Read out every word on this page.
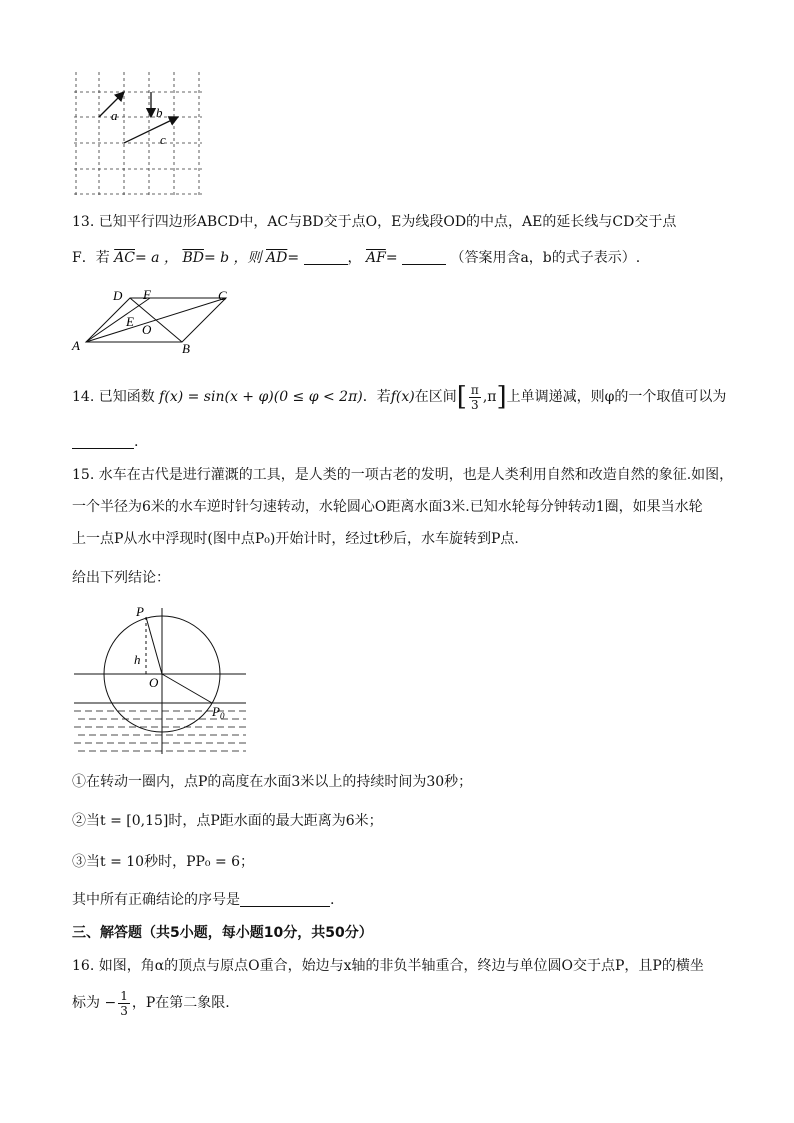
a	b
c
13. 已知平行四边形ABCD中，AC与BD交于点O，E为线段OD的中点，AE的延长线与CD交于点
F．若 $\overline{AC}= a$ ， $\overline{BD}= b$ ，则 $\overline{AD}=$	， $\overline{AF}=$	（答案用含a，b的式子表示）.
D F	C
E
O
A	B
14. 已知函数 f(x) = sin(x + φ)(0 ≤ φ < 2π)．若f(x)在区间[ $\frac{\pi}{3} ,\pi$]上单调递减，则φ的一个取值可以为
.
15. 水车在古代是进行灌溉的工具，是人类的一项古老的发明，也是人类利用自然和改造自然的象征.如图，
一个半径为6米的水车逆时针匀速转动，水轮圆心O距离水面3米.已知水轮每分钟转动1圈，如果当水轮
上一点P从水中浮现时(图中点P₀)开始计时，经过t秒后，水车旋转到P点.
给出下列结论：
P
h
O
$P_0$
①在转动一圈内，点P的高度在水面3米以上的持续时间为30秒；
②当t = [0,15]时，点P距水面的最大距离为6米；
③当t = 10秒时，PP₀ = 6；
其中所有正确结论的序号是	.
三、解答题（共5小题，每小题10分，共50分）
16. 如图，角α的顶点与原点O重合，始边与x轴的非负半轴重合，终边与单位圆O交于点P，且P的横坐
标为 − $\frac{1}{3}$ ，P在第二象限.
